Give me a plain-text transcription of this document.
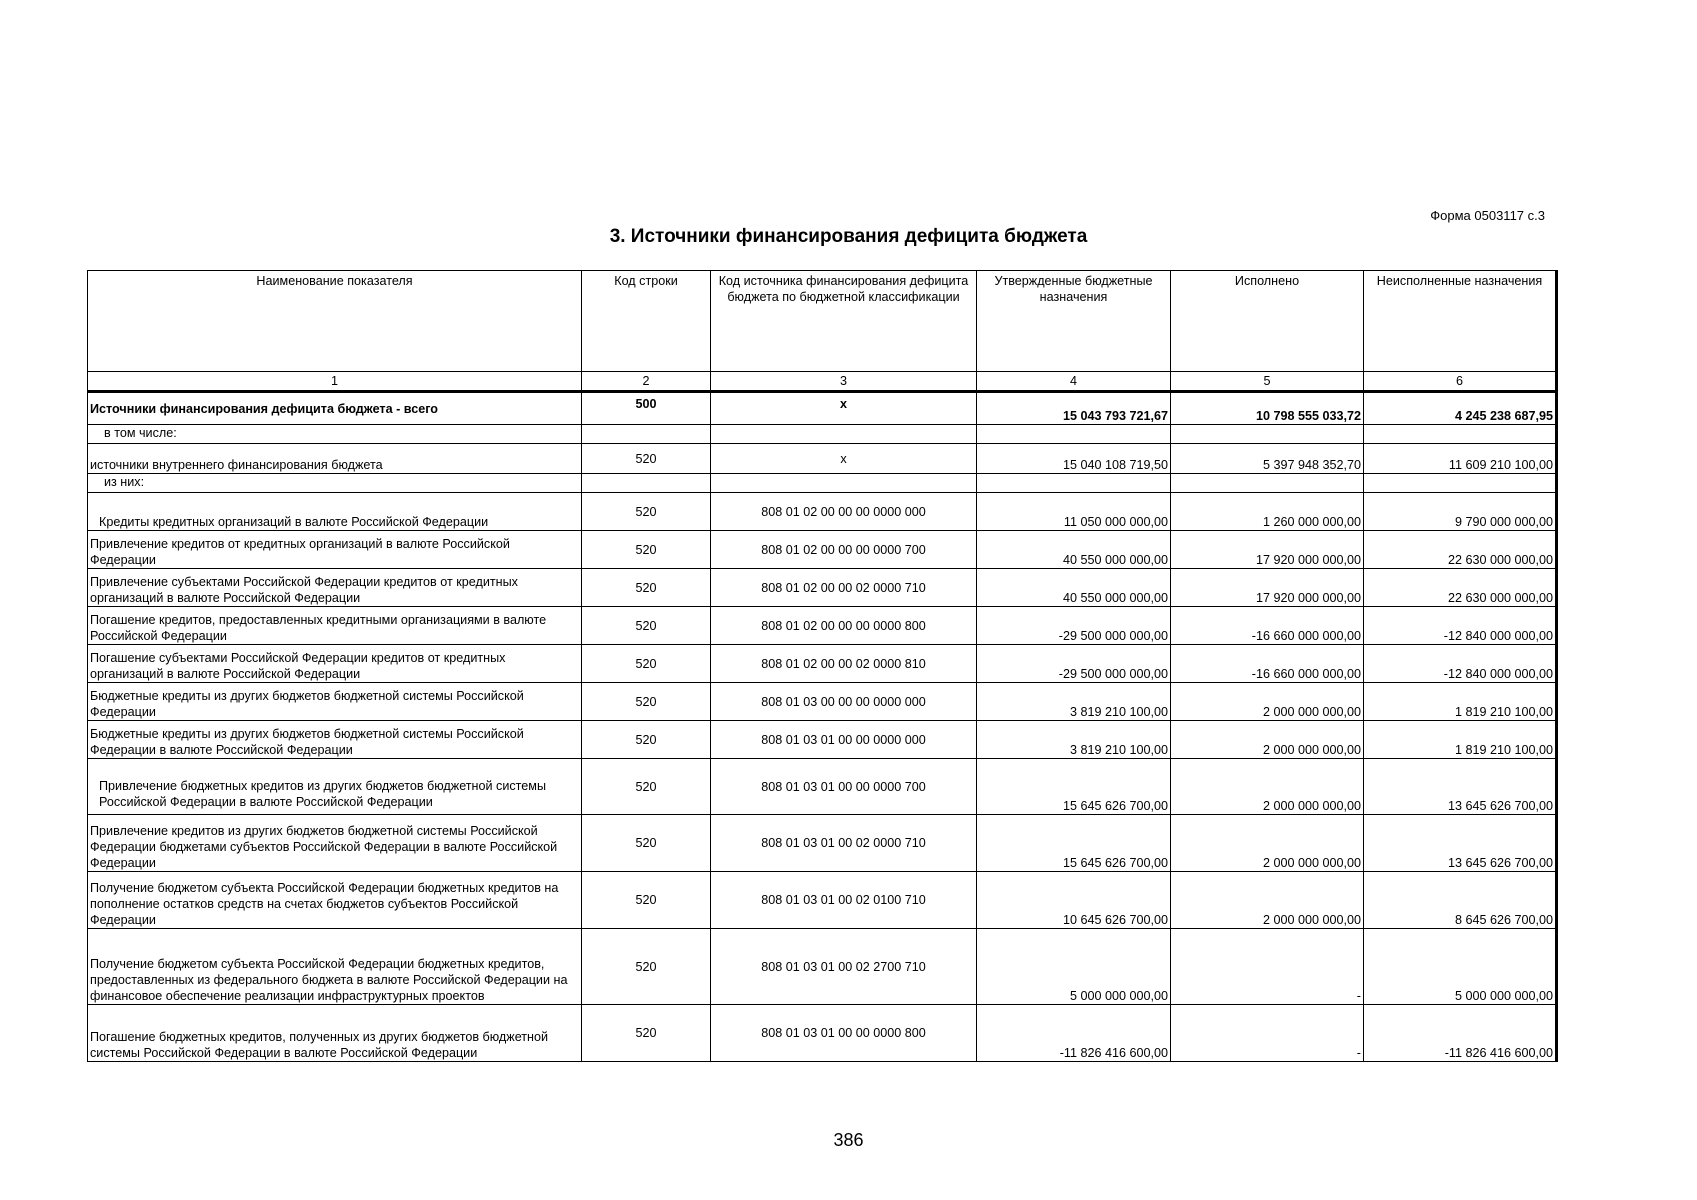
Форма 0503117 с.3
3. Источники финансирования дефицита бюджета
Наименование показателя	Код строки	Код источника финансирования дефицита бюджета по бюджетной классификации	Утвержденные бюджетные назначения	Исполнено	Неисполненные назначения
1	2	3	4	5	6
Источники финансирования дефицита бюджета - всего	500	x	15 043 793 721,67	10 798 555 033,72	4 245 238 687,95
в том числе:					
источники внутреннего финансирования бюджета	520	x	15 040 108 719,50	5 397 948 352,70	11 609 210 100,00
из них:					

Кредиты кредитных организаций в валюте Российской Федерации	520	808 01 02 00 00 00 0000 000	11 050 000 000,00	1 260 000 000,00	9 790 000 000,00
Привлечение кредитов от кредитных организаций в валюте Российской Федерации	520	808 01 02 00 00 00 0000 700	40 550 000 000,00	17 920 000 000,00	22 630 000 000,00
Привлечение субъектами Российской Федерации кредитов от кредитных организаций в валюте Российской Федерации	520	808 01 02 00 00 02 0000 710	40 550 000 000,00	17 920 000 000,00	22 630 000 000,00
Погашение кредитов, предоставленных кредитными организациями в валюте Российской Федерации	520	808 01 02 00 00 00 0000 800	-29 500 000 000,00	-16 660 000 000,00	-12 840 000 000,00
Погашение субъектами Российской Федерации кредитов от кредитных организаций в валюте Российской Федерации	520	808 01 02 00 00 02 0000 810	-29 500 000 000,00	-16 660 000 000,00	-12 840 000 000,00
Бюджетные кредиты из других бюджетов бюджетной системы Российской Федерации	520	808 01 03 00 00 00 0000 000	3 819 210 100,00	2 000 000 000,00	1 819 210 100,00
Бюджетные кредиты из других бюджетов бюджетной системы Российской Федерации в валюте Российской Федерации	520	808 01 03 01 00 00 0000 000	3 819 210 100,00	2 000 000 000,00	1 819 210 100,00

Привлечение бюджетных кредитов из других бюджетов бюджетной системы Российской Федерации в валюте Российской Федерации	520	808 01 03 01 00 00 0000 700	15 645 626 700,00	2 000 000 000,00	13 645 626 700,00
Привлечение кредитов из других бюджетов бюджетной системы Российской Федерации бюджетами субъектов Российской Федерации в валюте Российской Федерации	520	808 01 03 01 00 02 0000 710	15 645 626 700,00	2 000 000 000,00	13 645 626 700,00
Получение бюджетом субъекта Российской Федерации бюджетных кредитов на пополнение остатков средств на счетах бюджетов субъектов Российской Федерации	520	808 01 03 01 00 02 0100 710	10 645 626 700,00	2 000 000 000,00	8 645 626 700,00
Получение бюджетом субъекта Российской Федерации бюджетных кредитов, предоставленных из федерального бюджета в валюте Российской Федерации на финансовое обеспечение реализации инфраструктурных проектов	520	808 01 03 01 00 02 2700 710	5 000 000 000,00	-	5 000 000 000,00
Погашение бюджетных кредитов, полученных из других бюджетов бюджетной системы Российской Федерации в валюте Российской Федерации	520	808 01 03 01 00 00 0000 800	-11 826 416 600,00	-	-11 826 416 600,00
386
